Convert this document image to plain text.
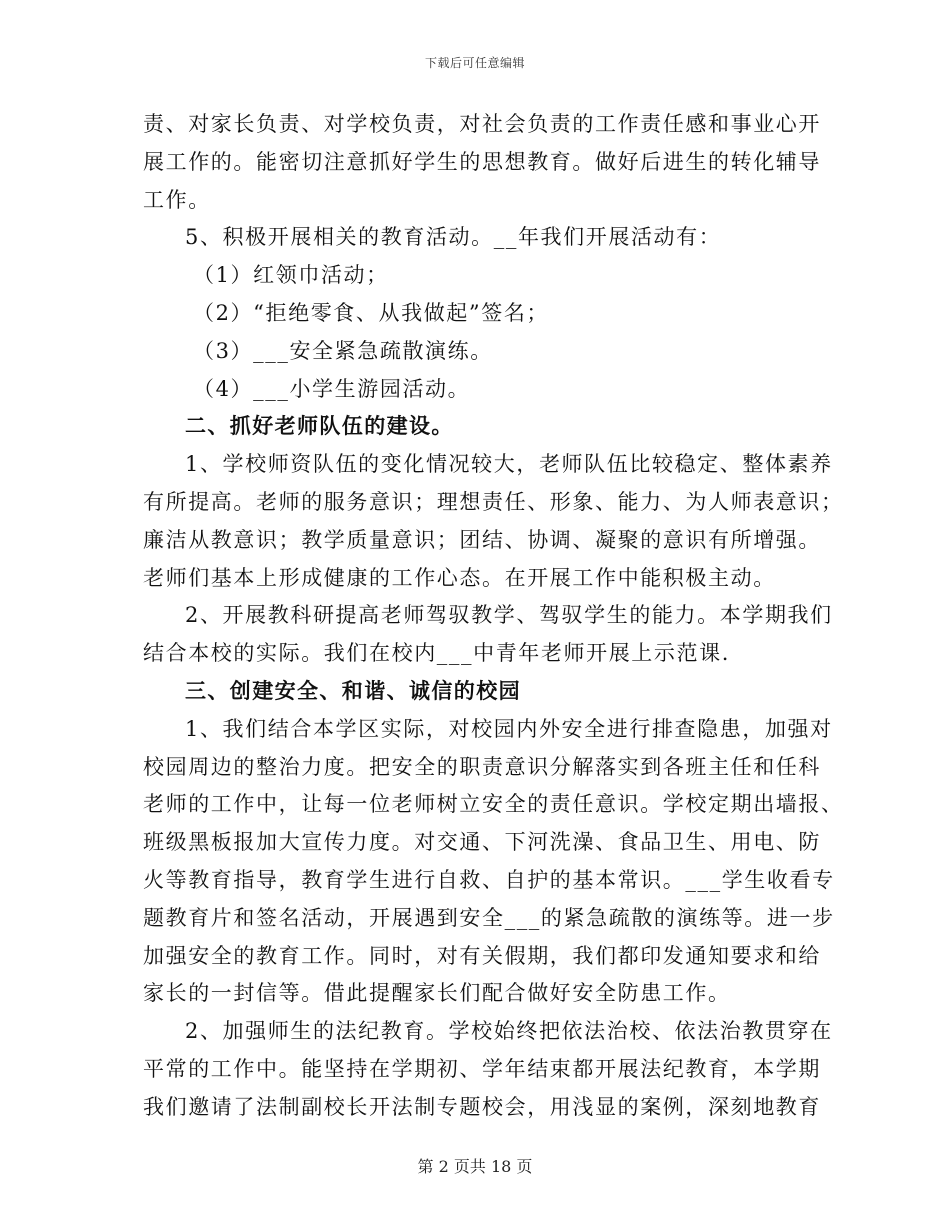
下载后可任意编辑
责、对家长负责、对学校负责，对社会负责的工作责任感和事业心开
展工作的。能密切注意抓好学生的思想教育。做好后进生的转化辅导
工作。
5、积极开展相关的教育活动。__年我们开展活动有：
（1）红领巾活动；
（2）“拒绝零食、从我做起”签名；
（3）___安全紧急疏散演练。
（4）___小学生游园活动。
二、抓好老师队伍的建设。
1、学校师资队伍的变化情况较大，老师队伍比较稳定、整体素养
有所提高。老师的服务意识；理想责任、形象、能力、为人师表意识；
廉洁从教意识；教学质量意识；团结、协调、凝聚的意识有所增强。
老师们基本上形成健康的工作心态。在开展工作中能积极主动。
2、开展教科研提高老师驾驭教学、驾驭学生的能力。本学期我们
结合本校的实际。我们在校内___中青年老师开展上示范课.
三、创建安全、和谐、诚信的校园
1、我们结合本学区实际，对校园内外安全进行排查隐患，加强对
校园周边的整治力度。把安全的职责意识分解落实到各班主任和任科
老师的工作中，让每一位老师树立安全的责任意识。学校定期出墙报、
班级黑板报加大宣传力度。对交通、下河洗澡、食品卫生、用电、防
火等教育指导，教育学生进行自救、自护的基本常识。___学生收看专
题教育片和签名活动，开展遇到安全___的紧急疏散的演练等。进一步
加强安全的教育工作。同时，对有关假期，我们都印发通知要求和给
家长的一封信等。借此提醒家长们配合做好安全防患工作。
2、加强师生的法纪教育。学校始终把依法治校、依法治教贯穿在
平常的工作中。能坚持在学期初、学年结束都开展法纪教育，本学期
我们邀请了法制副校长开法制专题校会，用浅显的案例，深刻地教育
第 2 页共 18 页
